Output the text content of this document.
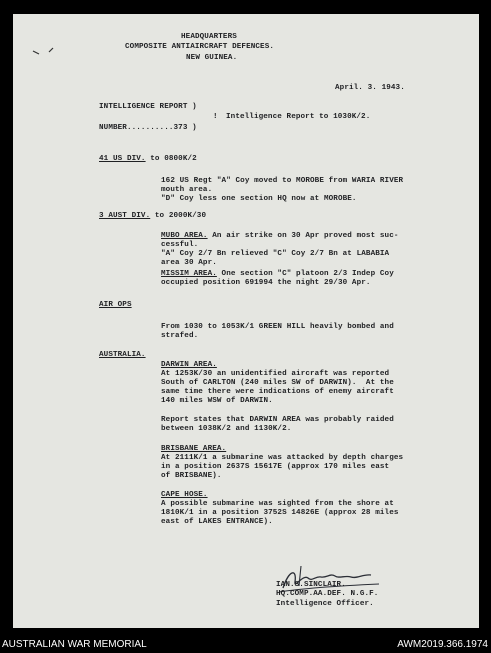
HEADQUARTERS
COMPOSITE ANTIAIRCRAFT DEFENCES.
NEW GUINEA.
April. 3. 1943.
INTELLIGENCE REPORT )
! Intelligence Report to 1030K/2.
NUMBER..........373 )
41 US DIV. to 0800K/2
162 US Regt "A" Coy moved to MOROBE from WARIA RIVER
mouth area.
"D" Coy less one section HQ now at MOROBE.
3 AUST DIV. to 2000K/30
MUBO AREA. An air strike on 30 Apr proved most suc-
cessful.
"A" Coy 2/7 Bn relieved "C" Coy 2/7 Bn at LABABIA
area 30 Apr.
MISSIM AREA. One section "C" platoon 2/3 Indep Coy
occupied position 691994 the night 29/30 Apr.
AIR OPS
From 1030 to 1053K/1 GREEN HILL heavily bombed and
strafed.
AUSTRALIA.
DARWIN AREA.
At 1253K/30 an unidentified aircraft was reported
South of CARLTON (240 miles SW of DARWIN).  At the
same time there were indications of enemy aircraft
140 miles WSW of DARWIN.
Report states that DARWIN AREA was probably raided
between 1038K/2 and 1130K/2.
BRISBANE AREA.
At 2111K/1 a submarine was attacked by depth charges
in a position 2637S 15617E (approx 170 miles east
of BRISBANE).
CAPE HOSE.
A possible submarine was sighted from the shore at
1810K/1 in a position 3752S 14826E (approx 28 miles
east of LAKES ENTRANCE).
IAN.S.SINCLAIR.
HQ.COMP.AA.DEF. N.G.F.
Intelligence Officer.
AUSTRALIAN WAR MEMORIAL	AWM2019.366.1974
